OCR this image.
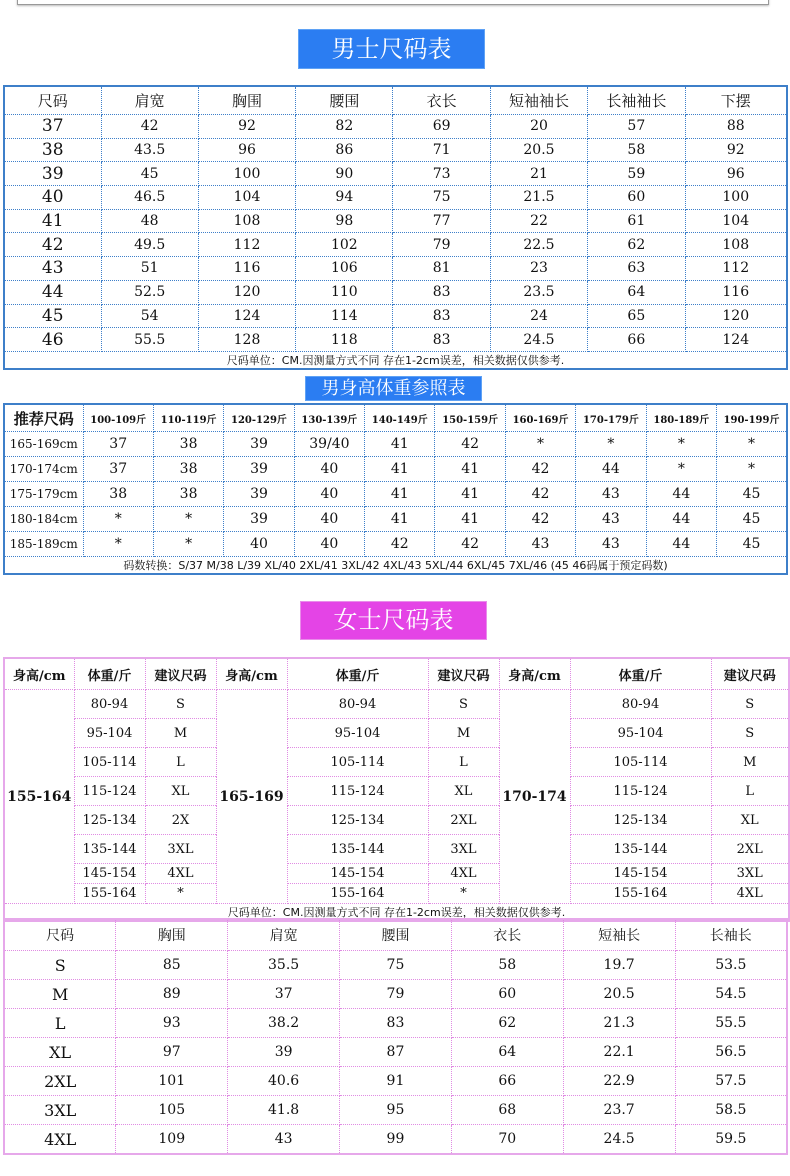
男士尺码表
尺码	肩宽	胸围	腰围	衣长	短袖袖长	长袖袖长	下摆
37	42	92	82	69	20	57	88
38	43.5	96	86	71	20.5	58	92
39	45	100	90	73	21	59	96
40	46.5	104	94	75	21.5	60	100
41	48	108	98	77	22	61	104
42	49.5	112	102	79	22.5	62	108
43	51	116	106	81	23	63	112
44	52.5	120	110	83	23.5	64	116
45	54	124	114	83	24	65	120
46	55.5	128	118	83	24.5	66	124
尺码单位：CM.因测量方式不同 存在1-2cm误差，相关数据仅供参考.							
男身高体重参照表
推荐尺码	100-109斤	110-119斤	120-129斤	130-139斤	140-149斤	150-159斤	160-169斤	170-179斤	180-189斤	190-199斤
165-169cm	37	38	39	39/40	41	42	*	*	*	*
170-174cm	37	38	39	40	41	41	42	44	*	*
175-179cm	38	38	39	40	41	41	42	43	44	45
180-184cm	*	*	39	40	41	41	42	43	44	45
185-189cm	*	*	40	40	42	42	43	43	44	45
码数转换：S/37 M/38 L/39 XL/40 2XL/41 3XL/42 4XL/43 5XL/44 6XL/45 7XL/46 (45 46码属于预定码数)										
女士尺码表
身高/cm	体重/斤	建议尺码	身高/cm	体重/斤	建议尺码	身高/cm	体重/斤	建议尺码
155-164	80-94	S	165-169	80-94	S	170-174	80-94	S
	95-104	M		95-104	M		95-104	S
	105-114	L		105-114	L		105-114	M
	115-124	XL		115-124	XL		115-124	L
	125-134	2X		125-134	2XL		125-134	XL
	135-144	3XL		135-144	3XL		135-144	2XL
	145-154	4XL		145-154	4XL		145-154	3XL
	155-164	*		155-164	*		155-164	4XL
尺码单位：CM.因测量方式不同 存在1-2cm误差，相关数据仅供参考.								
尺码	胸围	肩宽	腰围	衣长	短袖长	长袖长
S	85	35.5	75	58	19.7	53.5
M	89	37	79	60	20.5	54.5
L	93	38.2	83	62	21.3	55.5
XL	97	39	87	64	22.1	56.5
2XL	101	40.6	91	66	22.9	57.5
3XL	105	41.8	95	68	23.7	58.5
4XL	109	43	99	70	24.5	59.5
